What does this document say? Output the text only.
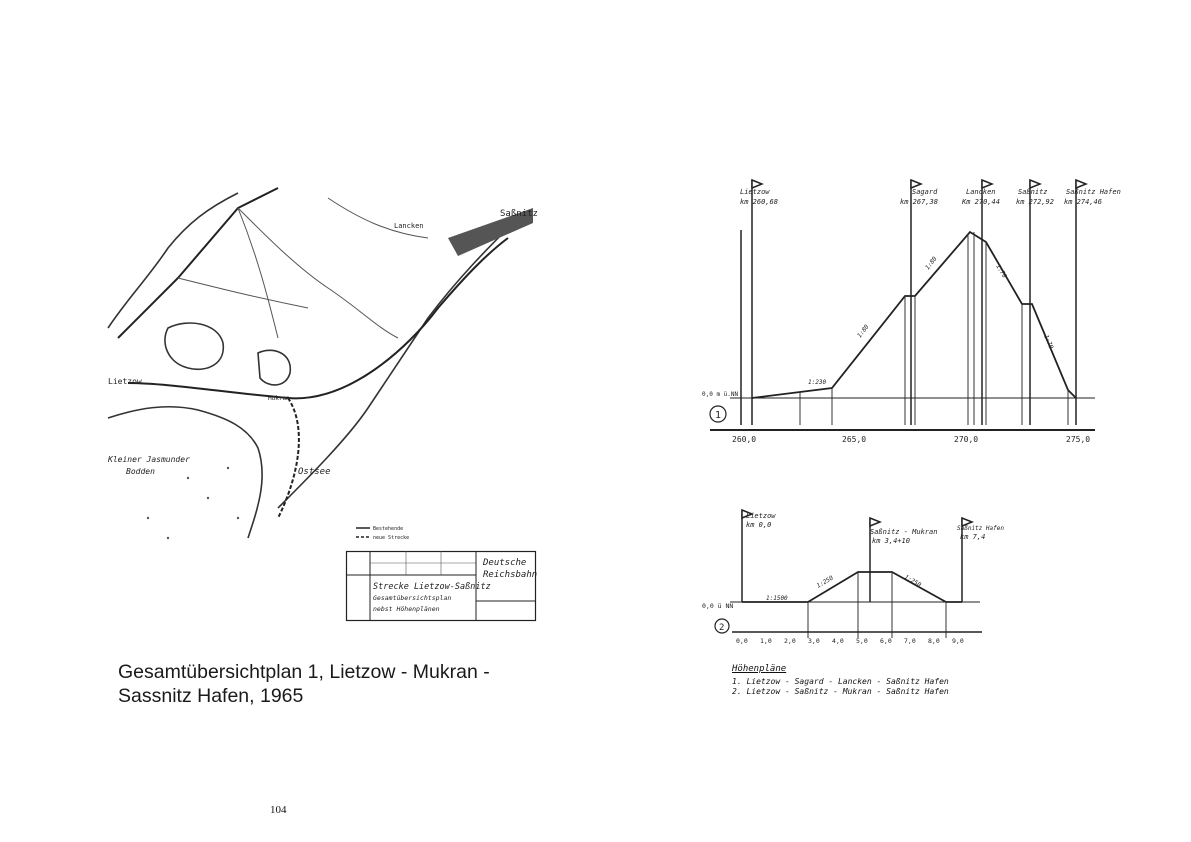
Saßnitz
Lancken
Lietzow
Mukran
Kleiner Jasmunder
Bodden	Ostsee
Bestehende
neue Strecke
Deutsche
Reichsbahn
Strecke Lietzow-Saßnitz
Gesamtübersichtsplan
nebst Höhenplänen
Gesamtübersichtplan 1, Lietzow - Mukran -
Sassnitz Hafen, 1965
104
Lietzow
km 260,68
Sagard
km 267,38
Lancken
Km 270,44
Saßnitz
km 272,92
Saßnitz Hafen
km 274,46
0,0 m ü.NN
1:230
1:80
1:80	1:70
1:70
1
260,0	265,0	270,0	275,0
Lietzow
km 0,0
Saßnitz - Mukran
km 3,4+10
Saßnitz Hafen
km 7,4
0,0 ü NN
1:1500
1:250	1:250
2
0,0 1,0 2,0 3,0 4,0 5,0 6,0 7,0 8,0 9,0
Höhenpläne
1. Lietzow - Sagard - Lancken - Saßnitz Hafen
2. Lietzow - Saßnitz - Mukran - Saßnitz Hafen
